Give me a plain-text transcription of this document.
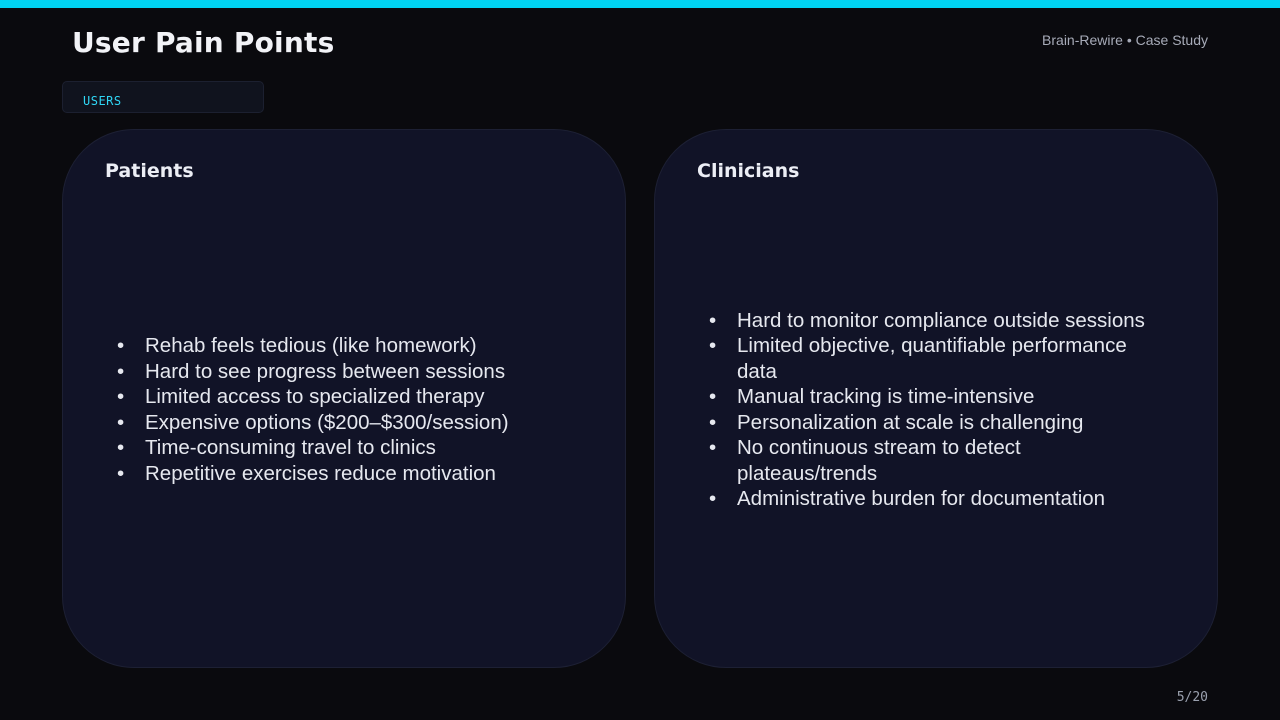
User Pain Points	Brain-Rewire • Case Study
USERS
Patients
• Rehab feels tedious (like homework)
• Hard to see progress between sessions
• Limited access to specialized therapy
• Expensive options ($200–$300/session)
• Time-consuming travel to clinics
• Repetitive exercises reduce motivation
Clinicians
• Hard to monitor compliance outside sessions
• Limited objective, quantifiable performance data
• Manual tracking is time-intensive
• Personalization at scale is challenging
• No continuous stream to detect plateaus/trends
• Administrative burden for documentation
5/20
